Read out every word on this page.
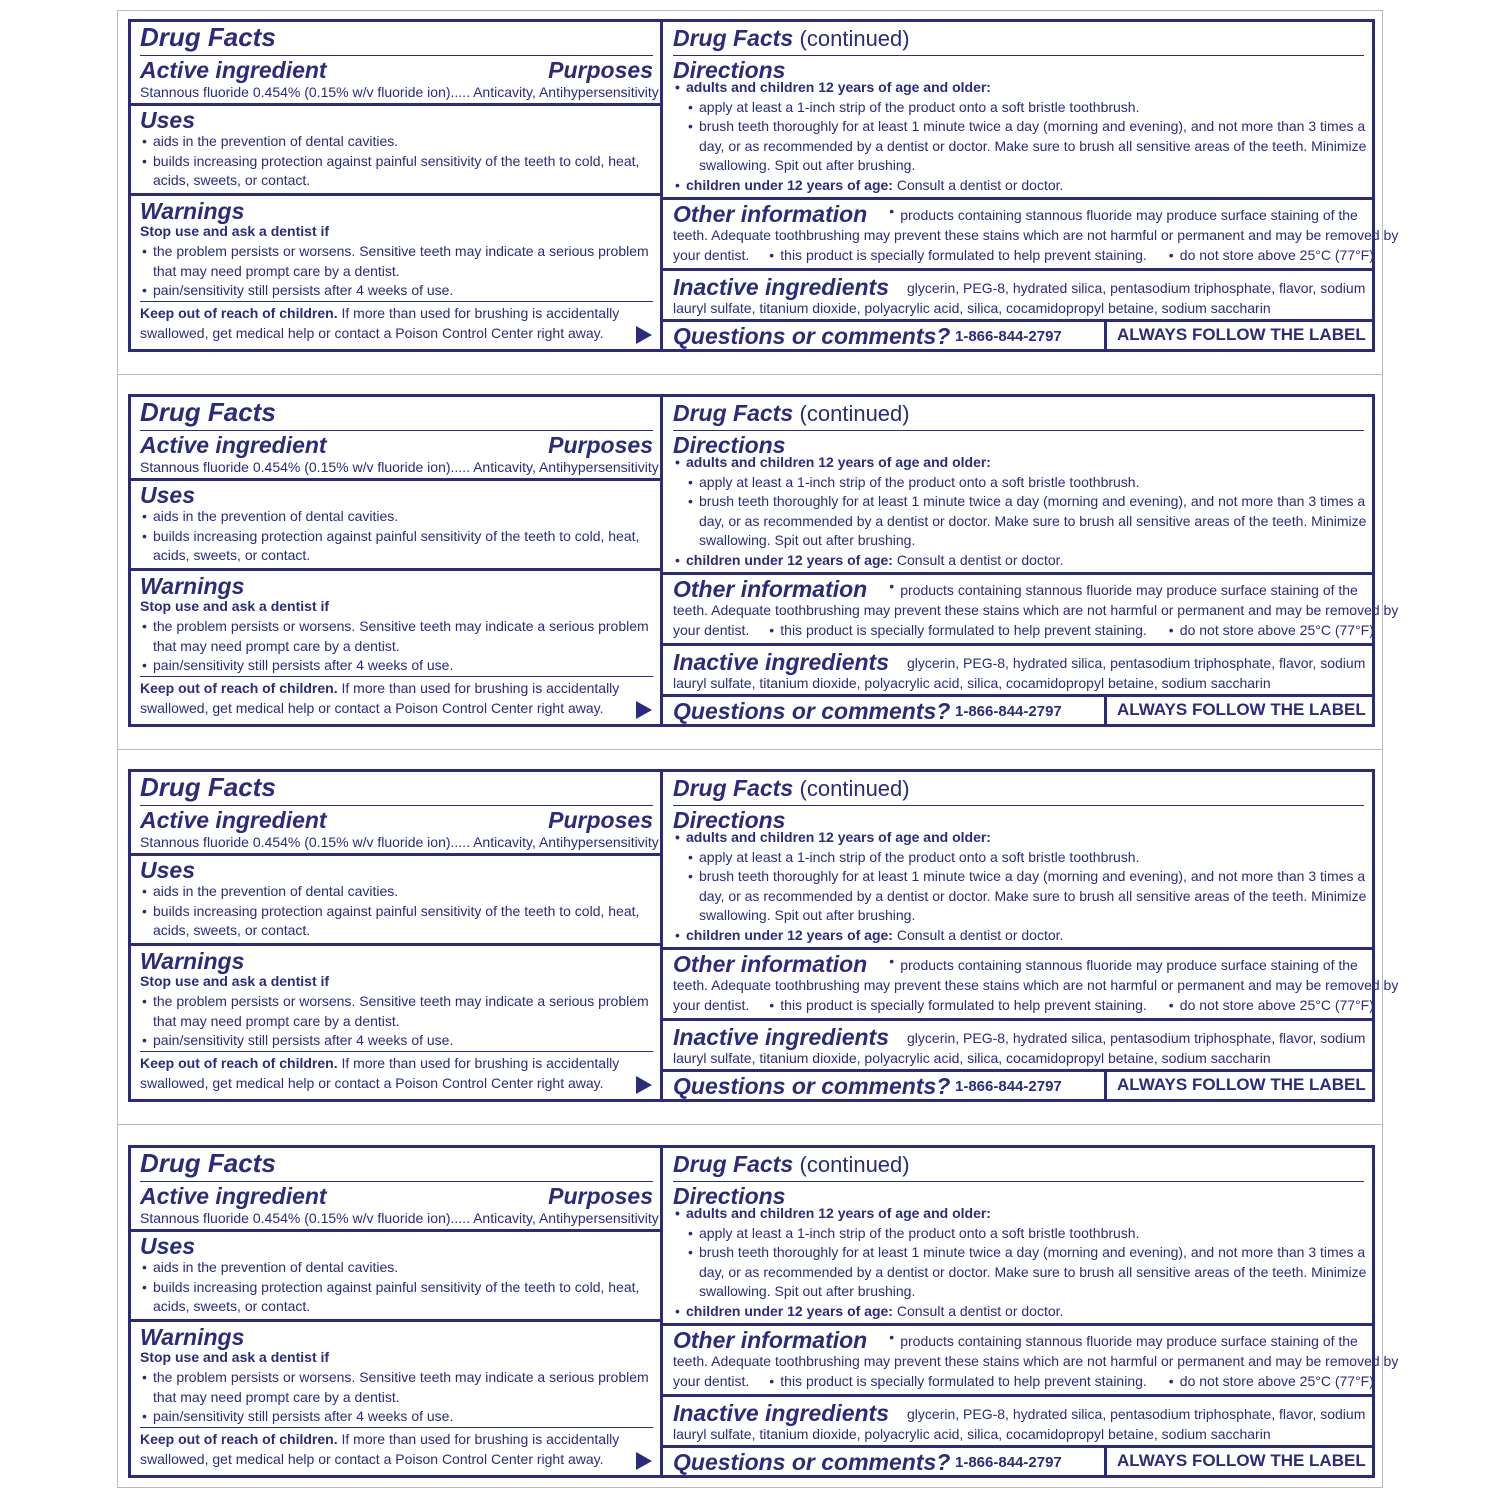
Drug Facts
Active ingredient	Purposes
Stannous fluoride 0.454% (0.15% w/v fluoride ion)..... Anticavity, Antihypersensitivity
Uses
• aids in the prevention of dental cavities.
• builds increasing protection against painful sensitivity of the teeth to cold, heat,
acids, sweets, or contact.
Warnings
Stop use and ask a dentist if
• the problem persists or worsens. Sensitive teeth may indicate a serious problem
that may need prompt care by a dentist.
• pain/sensitivity still persists after 4 weeks of use.
Keep out of reach of children. If more than used for brushing is accidentally
swallowed, get medical help or contact a Poison Control Center right away.
Drug Facts (continued)
Directions
• adults and children 12 years of age and older:
• apply at least a 1-inch strip of the product onto a soft bristle toothbrush.
• brush teeth thoroughly for at least 1 minute twice a day (morning and evening), and not more than 3 times a
day, or as recommended by a dentist or doctor. Make sure to brush all sensitive areas of the teeth. Minimize
swallowing. Spit out after brushing.
• children under 12 years of age: Consult a dentist or doctor.
Other information • products containing stannous fluoride may produce surface staining of the
teeth. Adequate toothbrushing may prevent these stains which are not harmful or permanent and may be removed by
your dentist. • this product is specially formulated to help prevent staining. • do not store above 25°C (77°F)
Inactive ingredients glycerin, PEG-8, hydrated silica, pentasodium triphosphate, flavor, sodium
lauryl sulfate, titanium dioxide, polyacrylic acid, silica, cocamidopropyl betaine, sodium saccharin
Questions or comments? 1-866-844-2797	ALWAYS FOLLOW THE LABEL
Drug Facts
Active ingredient	Purposes
Stannous fluoride 0.454% (0.15% w/v fluoride ion)..... Anticavity, Antihypersensitivity
Uses
• aids in the prevention of dental cavities.
• builds increasing protection against painful sensitivity of the teeth to cold, heat,
acids, sweets, or contact.
Warnings
Stop use and ask a dentist if
• the problem persists or worsens. Sensitive teeth may indicate a serious problem
that may need prompt care by a dentist.
• pain/sensitivity still persists after 4 weeks of use.
Keep out of reach of children. If more than used for brushing is accidentally
swallowed, get medical help or contact a Poison Control Center right away.
Drug Facts (continued)
Directions
• adults and children 12 years of age and older:
• apply at least a 1-inch strip of the product onto a soft bristle toothbrush.
• brush teeth thoroughly for at least 1 minute twice a day (morning and evening), and not more than 3 times a
day, or as recommended by a dentist or doctor. Make sure to brush all sensitive areas of the teeth. Minimize
swallowing. Spit out after brushing.
• children under 12 years of age: Consult a dentist or doctor.
Other information • products containing stannous fluoride may produce surface staining of the
teeth. Adequate toothbrushing may prevent these stains which are not harmful or permanent and may be removed by
your dentist. • this product is specially formulated to help prevent staining. • do not store above 25°C (77°F)
Inactive ingredients glycerin, PEG-8, hydrated silica, pentasodium triphosphate, flavor, sodium
lauryl sulfate, titanium dioxide, polyacrylic acid, silica, cocamidopropyl betaine, sodium saccharin
Questions or comments? 1-866-844-2797	ALWAYS FOLLOW THE LABEL
Drug Facts
Active ingredient	Purposes
Stannous fluoride 0.454% (0.15% w/v fluoride ion)..... Anticavity, Antihypersensitivity
Uses
• aids in the prevention of dental cavities.
• builds increasing protection against painful sensitivity of the teeth to cold, heat,
acids, sweets, or contact.
Warnings
Stop use and ask a dentist if
• the problem persists or worsens. Sensitive teeth may indicate a serious problem
that may need prompt care by a dentist.
• pain/sensitivity still persists after 4 weeks of use.
Keep out of reach of children. If more than used for brushing is accidentally
swallowed, get medical help or contact a Poison Control Center right away.
Drug Facts (continued)
Directions
• adults and children 12 years of age and older:
• apply at least a 1-inch strip of the product onto a soft bristle toothbrush.
• brush teeth thoroughly for at least 1 minute twice a day (morning and evening), and not more than 3 times a
day, or as recommended by a dentist or doctor. Make sure to brush all sensitive areas of the teeth. Minimize
swallowing. Spit out after brushing.
• children under 12 years of age: Consult a dentist or doctor.
Other information • products containing stannous fluoride may produce surface staining of the
teeth. Adequate toothbrushing may prevent these stains which are not harmful or permanent and may be removed by
your dentist. • this product is specially formulated to help prevent staining. • do not store above 25°C (77°F)
Inactive ingredients glycerin, PEG-8, hydrated silica, pentasodium triphosphate, flavor, sodium
lauryl sulfate, titanium dioxide, polyacrylic acid, silica, cocamidopropyl betaine, sodium saccharin
Questions or comments? 1-866-844-2797	ALWAYS FOLLOW THE LABEL
Drug Facts
Active ingredient	Purposes
Stannous fluoride 0.454% (0.15% w/v fluoride ion)..... Anticavity, Antihypersensitivity
Uses
• aids in the prevention of dental cavities.
• builds increasing protection against painful sensitivity of the teeth to cold, heat,
acids, sweets, or contact.
Warnings
Stop use and ask a dentist if
• the problem persists or worsens. Sensitive teeth may indicate a serious problem
that may need prompt care by a dentist.
• pain/sensitivity still persists after 4 weeks of use.
Keep out of reach of children. If more than used for brushing is accidentally
swallowed, get medical help or contact a Poison Control Center right away.
Drug Facts (continued)
Directions
• adults and children 12 years of age and older:
• apply at least a 1-inch strip of the product onto a soft bristle toothbrush.
• brush teeth thoroughly for at least 1 minute twice a day (morning and evening), and not more than 3 times a
day, or as recommended by a dentist or doctor. Make sure to brush all sensitive areas of the teeth. Minimize
swallowing. Spit out after brushing.
• children under 12 years of age: Consult a dentist or doctor.
Other information • products containing stannous fluoride may produce surface staining of the
teeth. Adequate toothbrushing may prevent these stains which are not harmful or permanent and may be removed by
your dentist. • this product is specially formulated to help prevent staining. • do not store above 25°C (77°F)
Inactive ingredients glycerin, PEG-8, hydrated silica, pentasodium triphosphate, flavor, sodium
lauryl sulfate, titanium dioxide, polyacrylic acid, silica, cocamidopropyl betaine, sodium saccharin
Questions or comments? 1-866-844-2797	ALWAYS FOLLOW THE LABEL
